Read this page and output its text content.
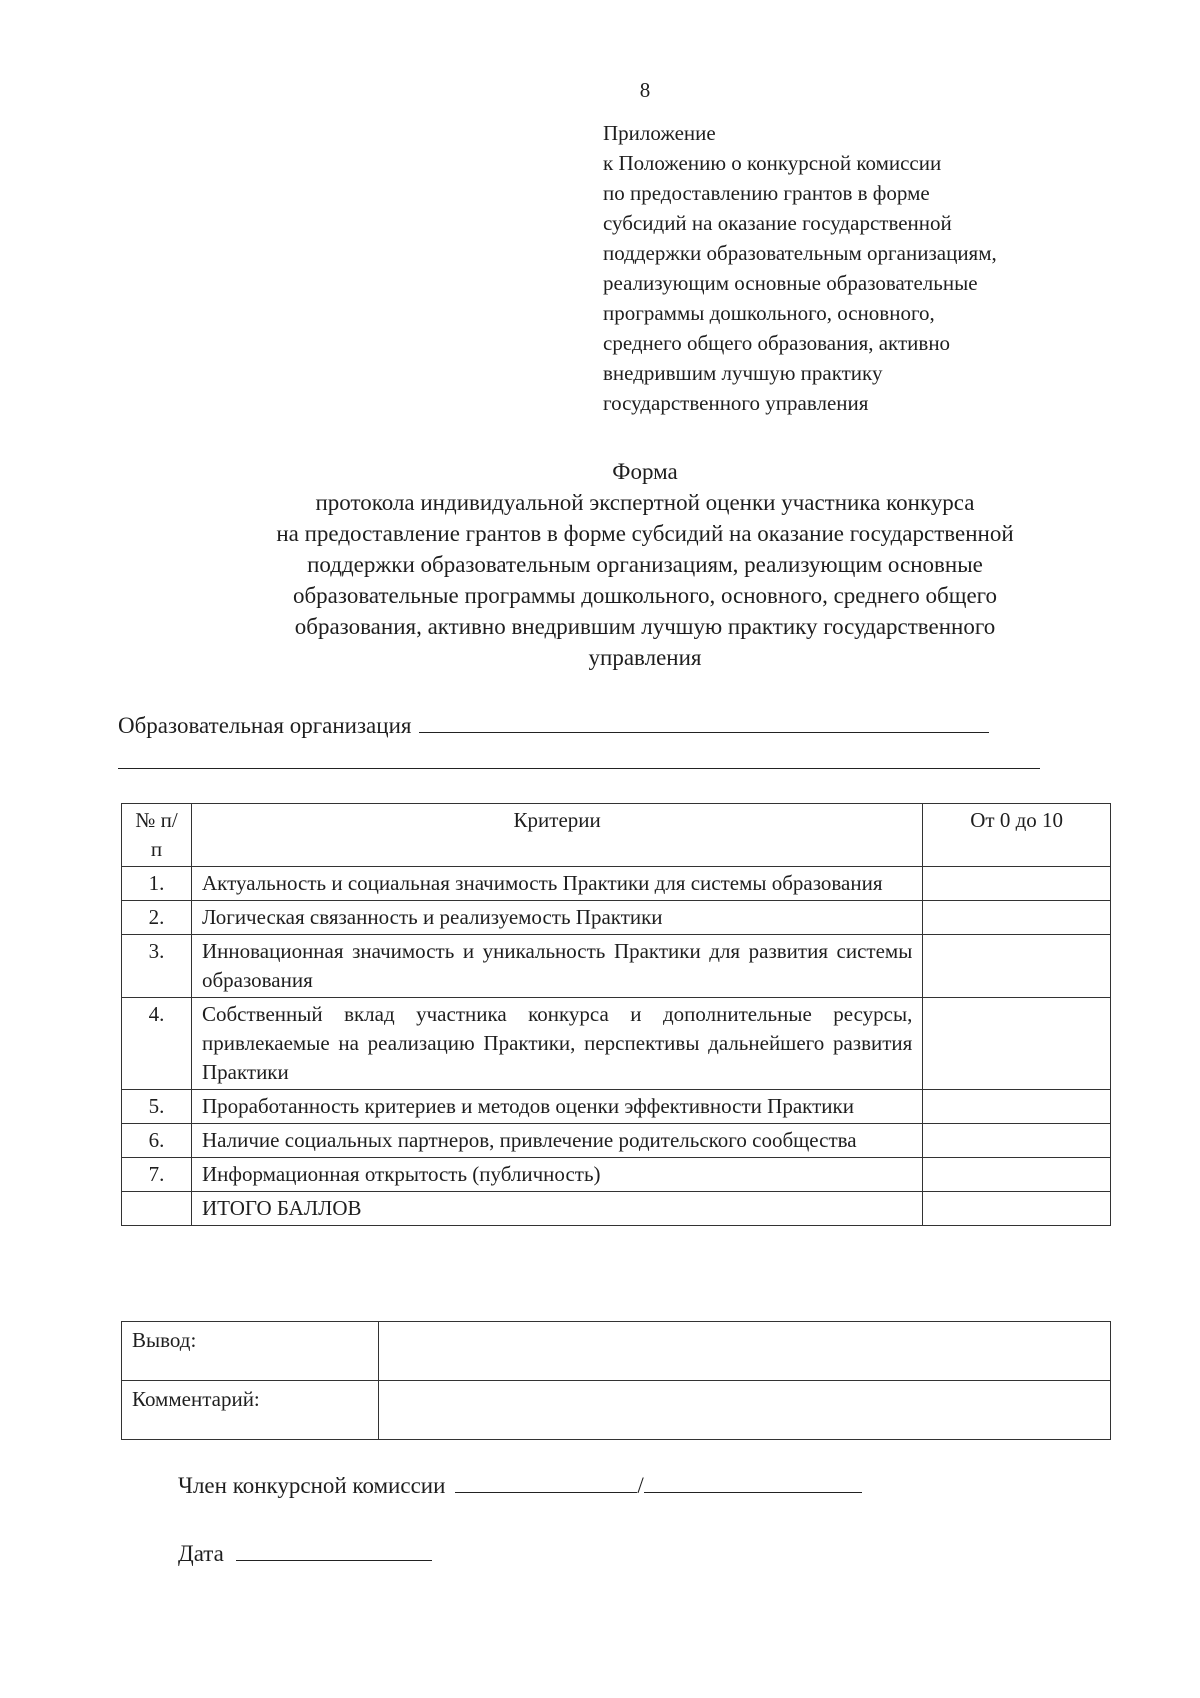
8
Приложение
к Положению о конкурсной комиссии
по предоставлению грантов в форме
субсидий на оказание государственной
поддержки образовательным организациям,
реализующим основные образовательные
программы дошкольного, основного,
среднего общего образования, активно
внедрившим лучшую практику
государственного управления
Форма
протокола индивидуальной экспертной оценки участника конкурса
на предоставление грантов в форме субсидий на оказание государственной
поддержки образовательным организациям, реализующим основные
образовательные программы дошкольного, основного, среднего общего
образования, активно внедрившим лучшую практику государственного
управления
Образовательная организация
№ п/п	Критерии	От 0 до 10
1.	Актуальность и социальная значимость Практики для системы образования	
2.	Логическая связанность и реализуемость Практики	
3.	Инновационная значимость и уникальность Практики для развития системы образования	
4.	Собственный вклад участника конкурса и дополнительные ресурсы, привлекаемые на реализацию Практики, перспективы дальнейшего развития Практики	
5.	Проработанность критериев и методов оценки эффективности Практики	
6.	Наличие социальных партнеров, привлечение родительского сообщества	
7.	Информационная открытость (публичность)	
	ИТОГО БАЛЛОВ	
Вывод:	
Комментарий:	
Член конкурсной комиссии	/
Дата
